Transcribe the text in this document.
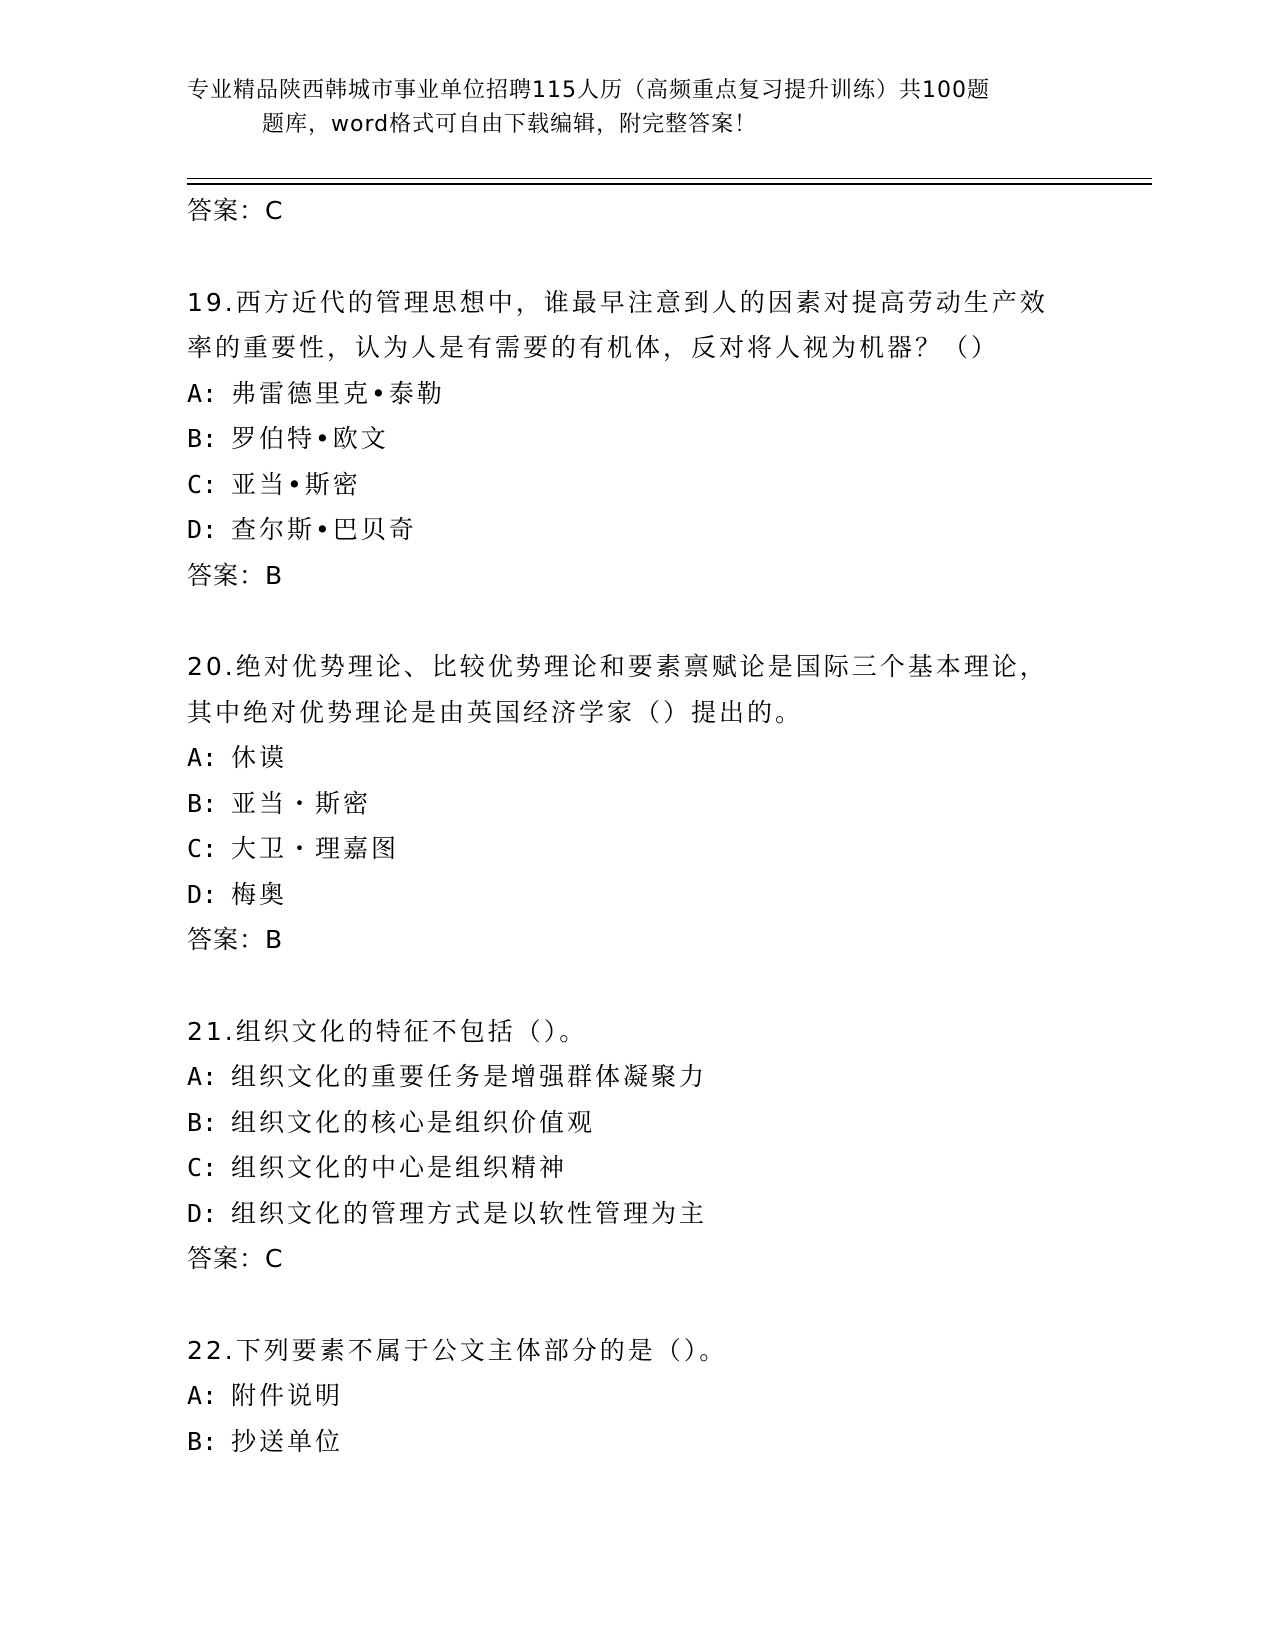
专业精品陕西韩城市事业单位招聘115人历（高频重点复习提升训练）共100题
题库，word格式可自由下载编辑，附完整答案！
答案：C
19.西方近代的管理思想中，谁最早注意到人的因素对提高劳动生产效
率的重要性，认为人是有需要的有机体，反对将人视为机器？（）
A: 弗雷德里克•泰勒
B: 罗伯特•欧文
C: 亚当•斯密
D: 查尔斯•巴贝奇
答案：B
20.绝对优势理论、比较优势理论和要素禀赋论是国际三个基本理论，
其中绝对优势理论是由英国经济学家（）提出的。
A: 休谟
B: 亚当・斯密
C: 大卫・理嘉图
D: 梅奥
答案：B
21.组织文化的特征不包括（）。
A: 组织文化的重要任务是增强群体凝聚力
B: 组织文化的核心是组织价值观
C: 组织文化的中心是组织精神
D: 组织文化的管理方式是以软性管理为主
答案：C
22.下列要素不属于公文主体部分的是（）。
A: 附件说明
B: 抄送单位
